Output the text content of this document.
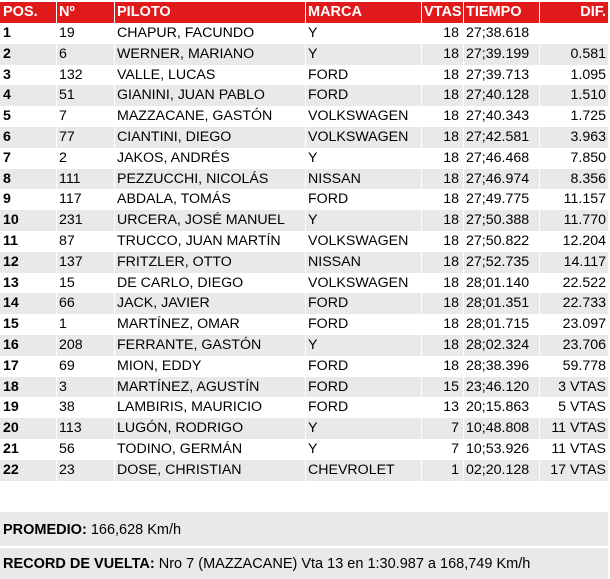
POS.	Nº	PILOTO	MARCA	VTAS TIEMPO	DIF.
1	19	CHAPUR, FACUNDO	Y	18 27;38.618
2	6	WERNER, MARIANO	Y	18 27;39.199	0.581
3	132	VALLE, LUCAS	FORD	18 27;39.713	1.095
4	51	GIANINI, JUAN PABLO	FORD	18 27;40.128	1.510
5	7	MAZZACANE, GASTÓN	VOLKSWAGEN	18 27;40.343	1.725
6	77	CIANTINI, DIEGO	VOLKSWAGEN	18 27;42.581	3.963
7	2	JAKOS, ANDRÉS	Y	18 27;46.468	7.850
8	111	PEZZUCCHI, NICOLÁS	NISSAN	18 27;46.974	8.356
9	117	ABDALA, TOMÁS	FORD	18 27;49.775	11.157
10	231	URCERA, JOSÉ MANUEL	Y	18 27;50.388	11.770
11	87	TRUCCO, JUAN MARTÍN	VOLKSWAGEN	18 27;50.822	12.204
12	137	FRITZLER, OTTO	NISSAN	18 27;52.735	14.117
13	15	DE CARLO, DIEGO	VOLKSWAGEN	18 28;01.140	22.522
14	66	JACK, JAVIER	FORD	18 28;01.351	22.733
15	1	MARTÍNEZ, OMAR	FORD	18 28;01.715	23.097
16	208	FERRANTE, GASTÓN	Y	18 28;02.324	23.706
17	69	MION, EDDY	FORD	18 28;38.396	59.778
18	3	MARTÍNEZ, AGUSTÍN	FORD	15 23;46.120	3 VTAS
19	38	LAMBIRIS, MAURICIO	FORD	13 20;15.863	5 VTAS
20	113	LUGÓN, RODRIGO	Y	7 10;48.808	11 VTAS
21	56	TODINO, GERMÁN	Y	7 10;53.926	11 VTAS
22	23	DOSE, CHRISTIAN	CHEVROLET	1 02;20.128	17 VTAS
PROMEDIO: 166,628 Km/h
RECORD DE VUELTA: Nro 7 (MAZZACANE) Vta 13 en 1:30.987 a 168,749 Km/h
